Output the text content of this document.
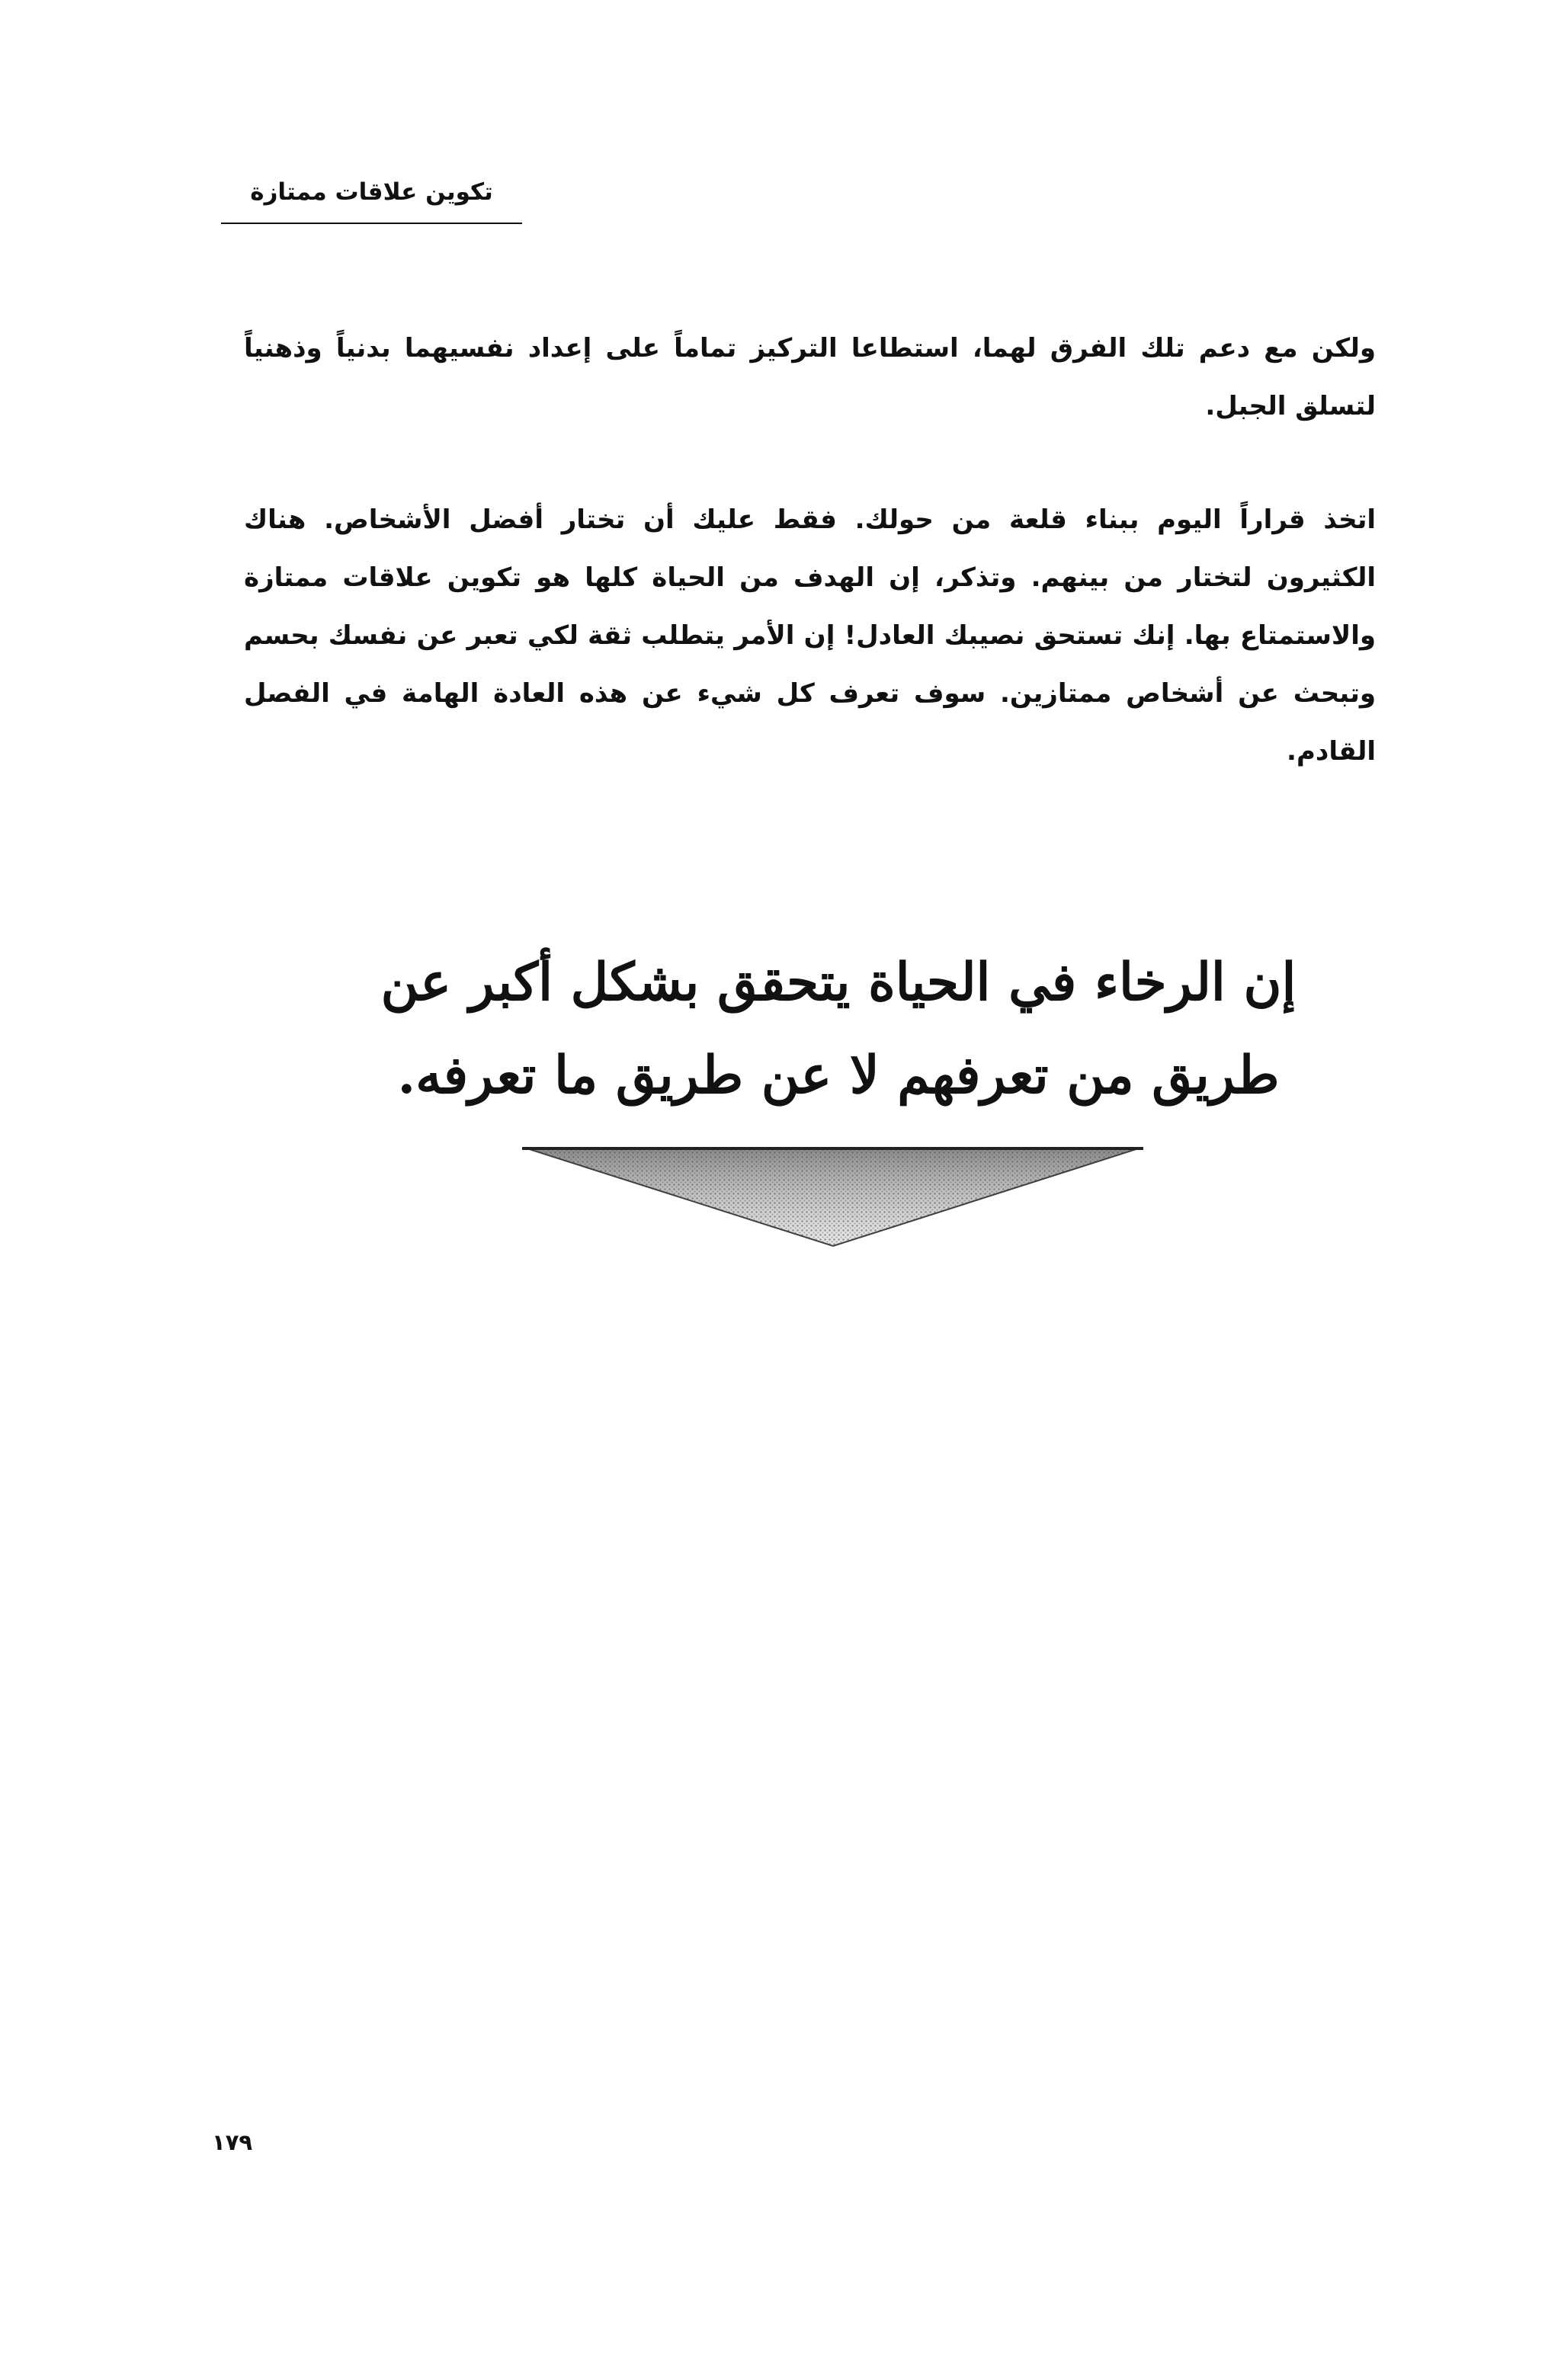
تكوين علاقات ممتازة

ولكن مع دعم تلك الفرق لهما، استطاعا التركيز تماماً على إعداد نفسيهما بدنياً وذهنياً لتسلق الجبل.

اتخذ قراراً اليوم ببناء قلعة من حولك. فقط عليك أن تختار أفضل الأشخاص. هناك الكثيرون لتختار من بينهم. وتذكر، إن الهدف من الحياة كلها هو تكوين علاقات ممتازة والاستمتاع بها. إنك تستحق نصيبك العادل! إن الأمر يتطلب ثقة لكي تعبر عن نفسك بحسم وتبحث عن أشخاص ممتازين. سوف تعرف كل شيء عن هذه العادة الهامة في الفصل القادم.

إن الرخاء في الحياة يتحقق بشكل أكبر عن طريق من تعرفهم لا عن طريق ما تعرفه.
١٧٩
